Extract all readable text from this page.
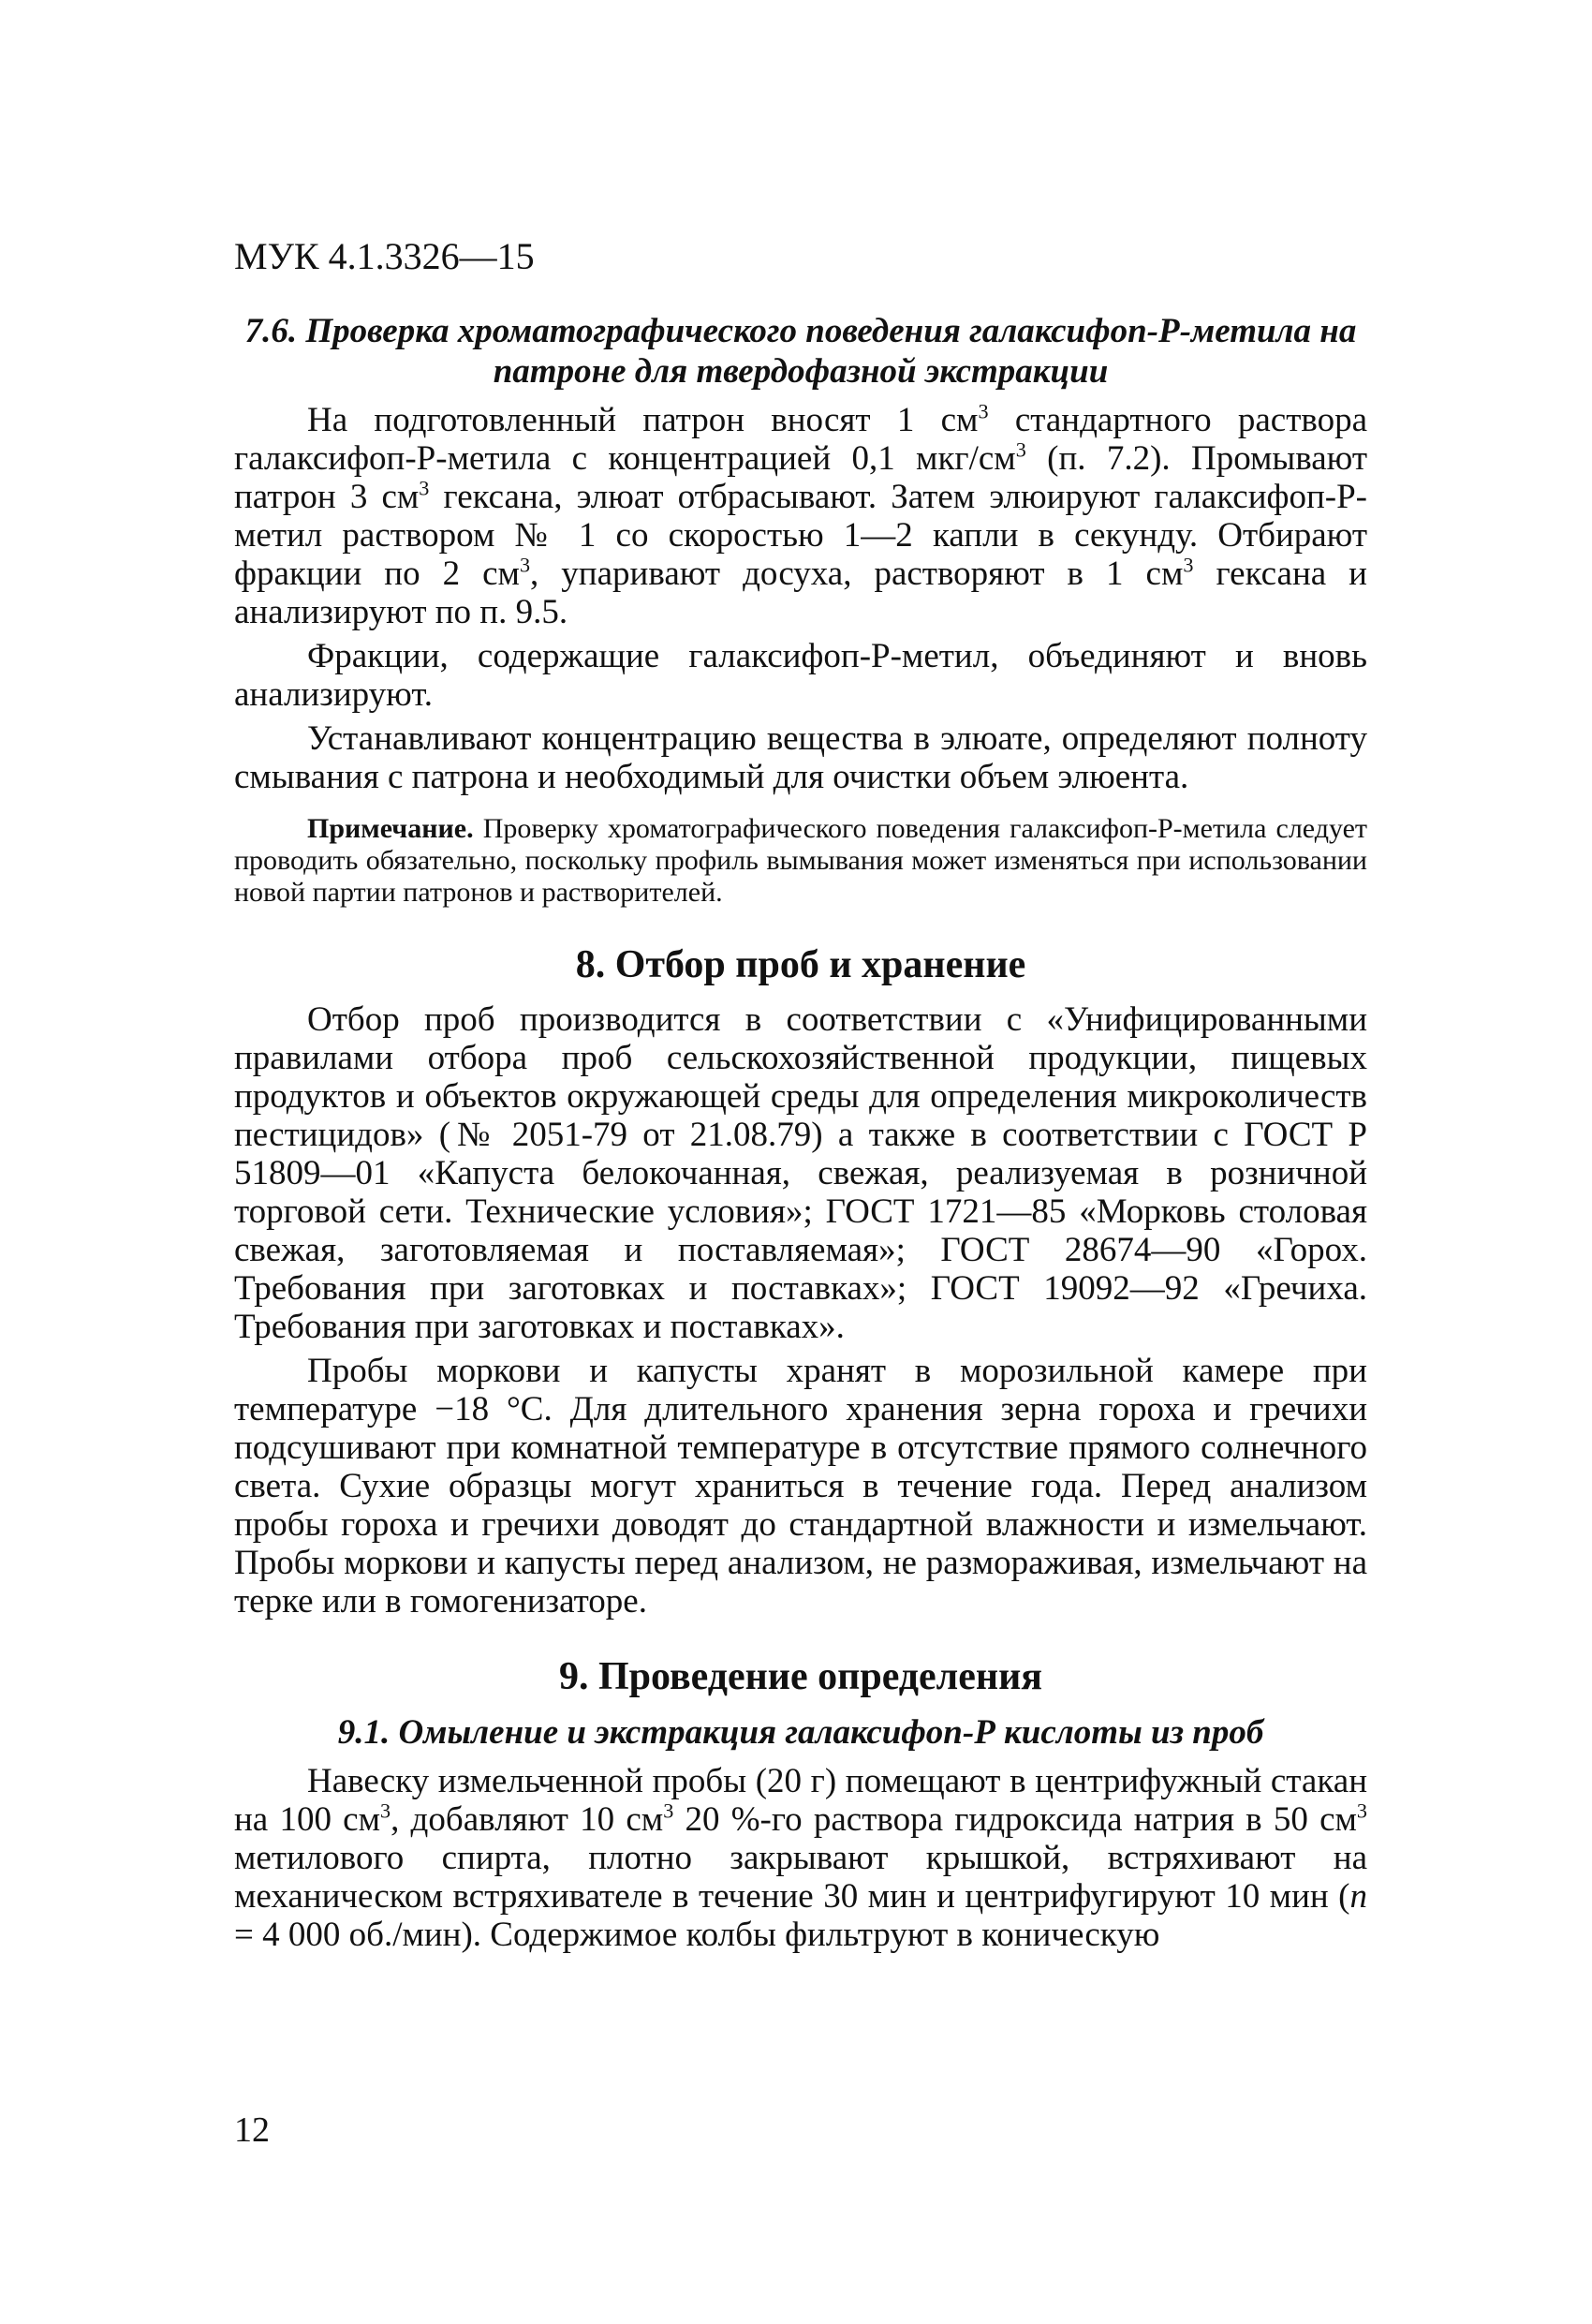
МУК 4.1.3326—15
7.6. Проверка хроматографического поведения галаксифоп-Р-метила на патроне для твердофазной экстракции

На подготовленный патрон вносят 1 $см^3$ стандартного раствора галаксифоп-Р-метила с концентрацией 0,1 мкг/$см^3$ (п. 7.2). Промывают патрон 3 $см^3$ гексана, элюат отбрасывают. Затем элюируют галаксифоп-Р-метил раствором № 1 со скоростью 1—2 капли в секунду. Отбирают фракции по 2 $см^3$, упаривают досуха, растворяют в 1 $см^3$ гексана и анализируют по п. 9.5.

Фракции, содержащие галаксифоп-Р-метил, объединяют и вновь анализируют.

Устанавливают концентрацию вещества в элюате, определяют полноту смывания с патрона и необходимый для очистки объем элюента.

Примечание. Проверку хроматографического поведения галаксифоп-Р-метила следует проводить обязательно, поскольку профиль вымывания может изменяться при использовании новой партии патронов и растворителей.
8. Отбор проб и хранение

Отбор проб производится в соответствии с «Унифицированными правилами отбора проб сельскохозяйственной продукции, пищевых продуктов и объектов окружающей среды для определения микроколичеств пестицидов» (№ 2051-79 от 21.08.79) а также в соответствии с ГОСТ Р 51809—01 «Капуста белокочанная, свежая, реализуемая в розничной торговой сети. Технические условия»; ГОСТ 1721—85 «Морковь столовая свежая, заготовляемая и поставляемая»; ГОСТ 28674—90 «Горох. Требования при заготовках и поставках»; ГОСТ 19092—92 «Гречиха. Требования при заготовках и поставках».

Пробы моркови и капусты хранят в морозильной камере при температуре −18 °С. Для длительного хранения зерна гороха и гречихи подсушивают при комнатной температуре в отсутствие прямого солнечного света. Сухие образцы могут храниться в течение года. Перед анализом пробы гороха и гречихи доводят до стандартной влажности и измельчают. Пробы моркови и капусты перед анализом, не размораживая, измельчают на терке или в гомогенизаторе.

9. Проведение определения
9.1. Омыление и экстракция галаксифоп-Р кислоты из проб

Навеску измельченной пробы (20 г) помещают в центрифужный стакан на 100 $см^3$, добавляют 10 $см^3$ 20 %-го раствора гидроксида натрия в 50 $см^3$ метилового спирта, плотно закрывают крышкой, встряхивают на механическом встряхивателе в течение 30 мин и центрифугируют 10 мин (n = 4 000 об./мин). Содержимое колбы фильтруют в коническую

12
